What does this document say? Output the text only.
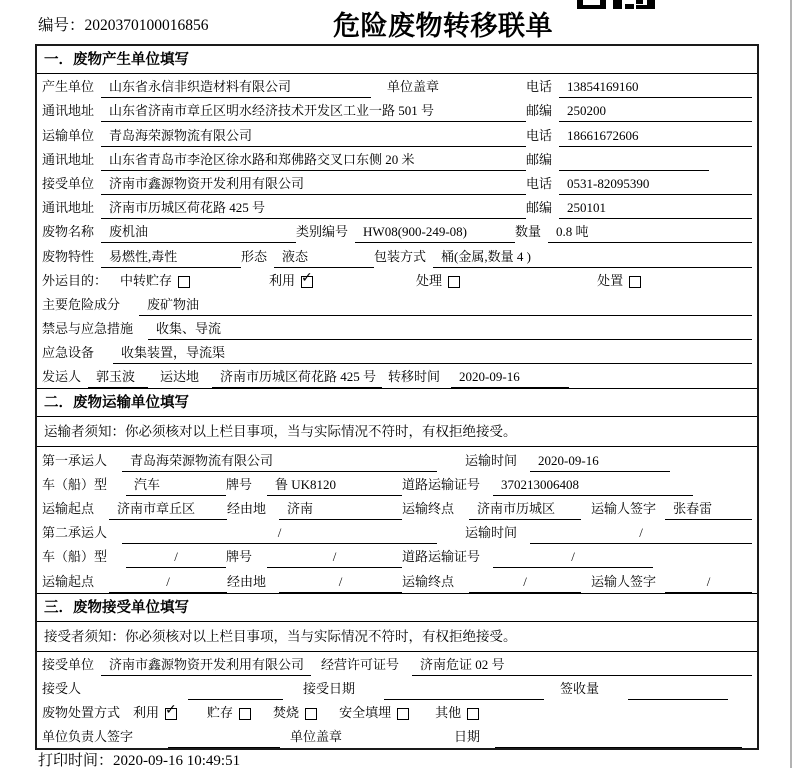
编号：2020370100016856	危险废物转移联单
一．废物产生单位填写
产生单位	山东省永信非织造材料有限公司	单位盖章	电话	13854169160
通讯地址	山东省济南市章丘区明水经济技术开发区工业一路 501 号	邮编	250200
运输单位	青岛海荣源物流有限公司	电话	18661672606
通讯地址	山东省青岛市李沧区徐水路和郑佛路交叉口东侧 20 米	邮编
接受单位	济南市鑫源物资开发利用有限公司	电话	0531-82095390
通讯地址	济南市历城区荷花路 425 号	邮编	250101
废物名称	废机油	类别编号	HW08(900-249-08)	数量	0.8 吨
废物特性	易燃性,毒性	形态	液态	包装方式	桶(金属,数量 4 )
外运目的： 中转贮存	利用 ✓	处理	处置
主要危险成分	废矿物油
禁忌与应急措施	收集、导流
应急设备	收集装置，导流渠
发运人	郭玉波	运达地	济南市历城区荷花路 425 号 转移时间	2020-09-16
二．废物运输单位填写
运输者须知：你必须核对以上栏目事项，当与实际情况不符时，有权拒绝接受。
第一承运人	青岛海荣源物流有限公司	运输时间	2020-09-16
车（船）型	汽车	牌号	鲁 UK8120	道路运输证号	370213006408
运输起点	济南市章丘区	经由地	济南	运输终点	济南市历城区	运输人签字	张春雷
第二承运人	/	运输时间	/
车（船）型	/	牌号	/	道路运输证号	/
运输起点	/	经由地	/	运输终点	/	运输人签字	/
三．废物接受单位填写
接受者须知：你必须核对以上栏目事项，当与实际情况不符时，有权拒绝接受。
接受单位	济南市鑫源物资开发利用有限公司	经营许可证号	济南危证 02 号
接受人	接受日期	签收量
废物处置方式 利用 ✓ 贮存	焚烧	安全填埋	其他
单位负责人签字	单位盖章	日期
打印时间：2020-09-16 10:49:51
